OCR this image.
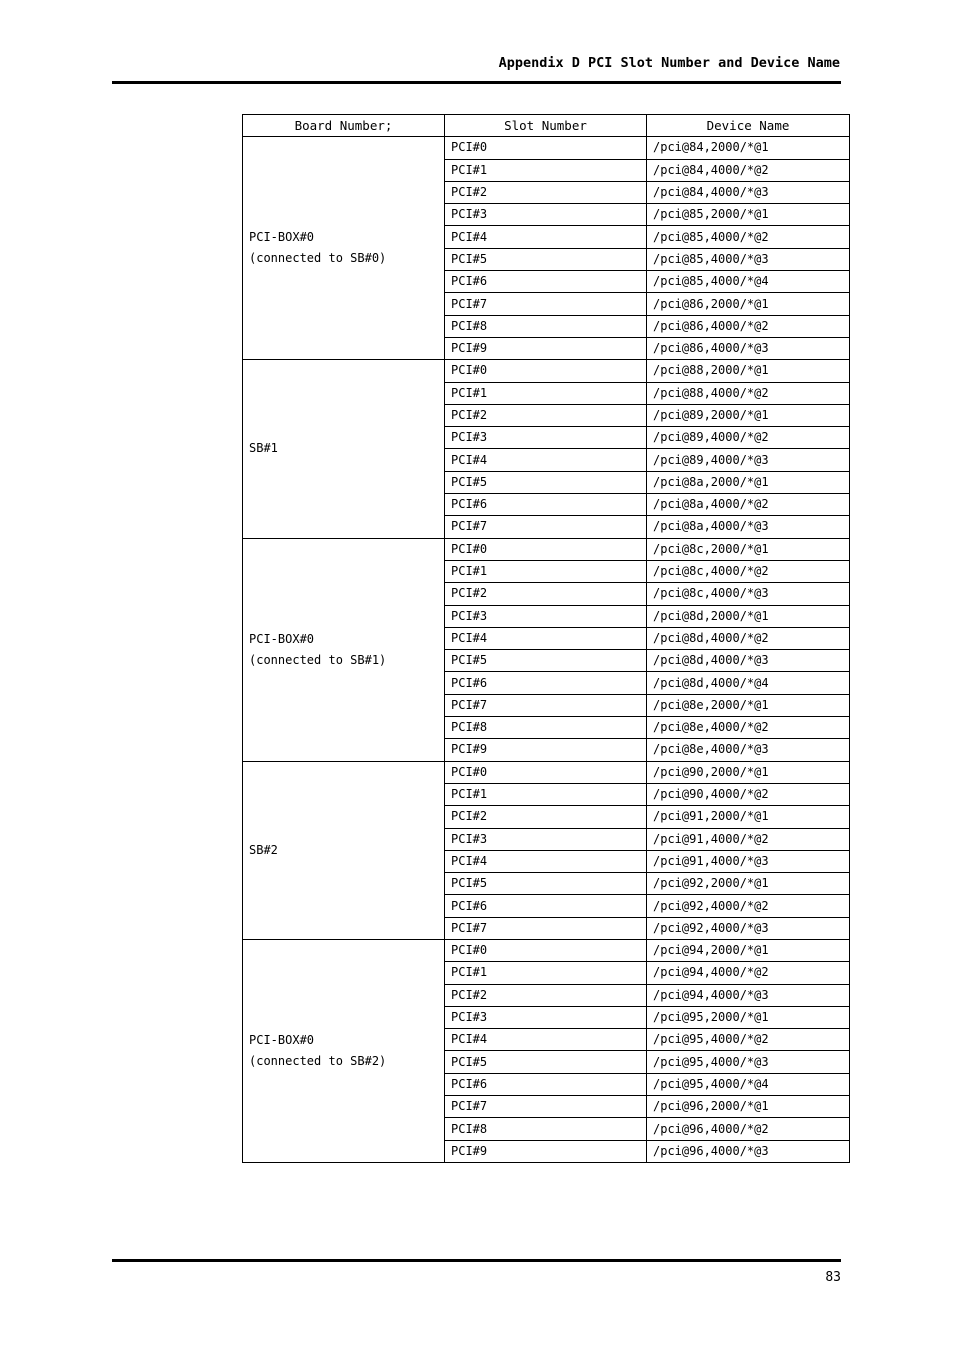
Appendix D PCI Slot Number and Device Name
Board Number;	Slot Number	Device Name

PCI-BOX#0
(connected to SB#0)	PCI#0	/pci@84,2000/*@1
	PCI#1	/pci@84,4000/*@2
	PCI#2	/pci@84,4000/*@3
	PCI#3	/pci@85,2000/*@1
	PCI#4	/pci@85,4000/*@2
	PCI#5	/pci@85,4000/*@3
	PCI#6	/pci@85,4000/*@4
	PCI#7	/pci@86,2000/*@1
	PCI#8	/pci@86,4000/*@2
	PCI#9	/pci@86,4000/*@3

SB#1	PCI#0	/pci@88,2000/*@1
	PCI#1	/pci@88,4000/*@2
	PCI#2	/pci@89,2000/*@1
	PCI#3	/pci@89,4000/*@2
	PCI#4	/pci@89,4000/*@3
	PCI#5	/pci@8a,2000/*@1
	PCI#6	/pci@8a,4000/*@2
	PCI#7	/pci@8a,4000/*@3

PCI-BOX#0
(connected to SB#1)	PCI#0	/pci@8c,2000/*@1
	PCI#1	/pci@8c,4000/*@2
	PCI#2	/pci@8c,4000/*@3
	PCI#3	/pci@8d,2000/*@1
	PCI#4	/pci@8d,4000/*@2
	PCI#5	/pci@8d,4000/*@3
	PCI#6	/pci@8d,4000/*@4
	PCI#7	/pci@8e,2000/*@1
	PCI#8	/pci@8e,4000/*@2
	PCI#9	/pci@8e,4000/*@3

SB#2	PCI#0	/pci@90,2000/*@1
	PCI#1	/pci@90,4000/*@2
	PCI#2	/pci@91,2000/*@1
	PCI#3	/pci@91,4000/*@2
	PCI#4	/pci@91,4000/*@3
	PCI#5	/pci@92,2000/*@1
	PCI#6	/pci@92,4000/*@2
	PCI#7	/pci@92,4000/*@3

PCI-BOX#0
(connected to SB#2)	PCI#0	/pci@94,2000/*@1
	PCI#1	/pci@94,4000/*@2
	PCI#2	/pci@94,4000/*@3
	PCI#3	/pci@95,2000/*@1
	PCI#4	/pci@95,4000/*@2
	PCI#5	/pci@95,4000/*@3
	PCI#6	/pci@95,4000/*@4
	PCI#7	/pci@96,2000/*@1
	PCI#8	/pci@96,4000/*@2
	PCI#9	/pci@96,4000/*@3
83
